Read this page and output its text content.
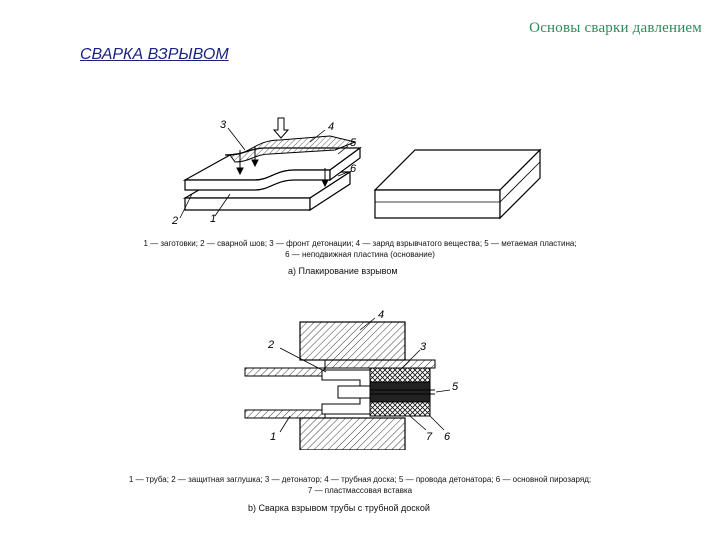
Основы сварки давлением
СВАРКА ВЗРЫВОМ
3	4
5
6
2	1
1 — заготовки; 2 — сварной шов; 3 — фронт детонации; 4 — заряд взрывчатого вещества; 5 — метаемая пластина;
6 — неподвижная пластина (основание)
а) Плакирование взрывом
2
4
3
5
1	7 6
1 — труба; 2 — защитная заглушка; 3 — детонатор; 4 — трубная доска; 5 — провода детонатора; 6 — основной пирозаряд;
7 — пластмассовая вставка
b) Сварка взрывом трубы с трубной доской
